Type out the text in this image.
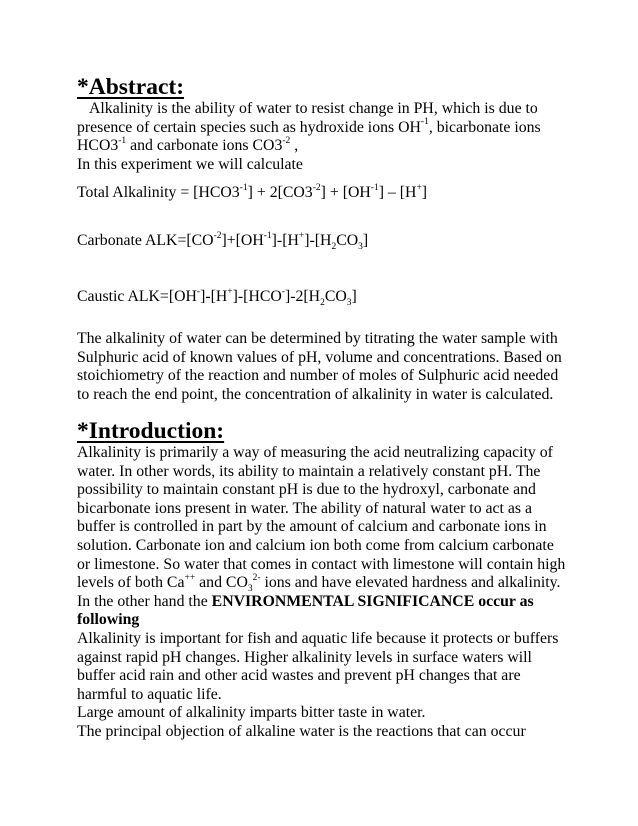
*Abstract:
Alkalinity is the ability of water to resist change in PH, which is due to
presence of certain species such as hydroxide ions $OH^{-1}$, bicarbonate ions
$HCO3^{-1}$ and carbonate ions $CO3^{-2}$ ,
In this experiment we will calculate
Total Alkalinity = $[HCO3^{-1}] + 2[CO3^{-2}] + [OH^{-1}] - [H^+]$
Carbonate $ALK=[CO^{-2}]+[OH^{-1}]-[H^+]-[H_2CO_3]$
Caustic $ALK=[OH^-]-[H^+]-[HCO^-]-2[H_2CO_3]$
The alkalinity of water can be determined by titrating the water sample with
Sulphuric acid of known values of pH, volume and concentrations. Based on
stoichiometry of the reaction and number of moles of Sulphuric acid needed
to reach the end point, the concentration of alkalinity in water is calculated.
*Introduction:
Alkalinity is primarily a way of measuring the acid neutralizing capacity of
water. In other words, its ability to maintain a relatively constant pH. The
possibility to maintain constant pH is due to the hydroxyl, carbonate and
bicarbonate ions present in water. The ability of natural water to act as a
buffer is controlled in part by the amount of calcium and carbonate ions in
solution. Carbonate ion and calcium ion both come from calcium carbonate
or limestone. So water that comes in contact with limestone will contain high
levels of both Ca++ and $CO_3^{2-}$ ions and have elevated hardness and alkalinity.
In the other hand the ENVIRONMENTAL SIGNIFICANCE occur as
following
Alkalinity is important for fish and aquatic life because it protects or buffers
against rapid pH changes. Higher alkalinity levels in surface waters will
buffer acid rain and other acid wastes and prevent pH changes that are
harmful to aquatic life.
Large amount of alkalinity imparts bitter taste in water.
The principal objection of alkaline water is the reactions that can occur
